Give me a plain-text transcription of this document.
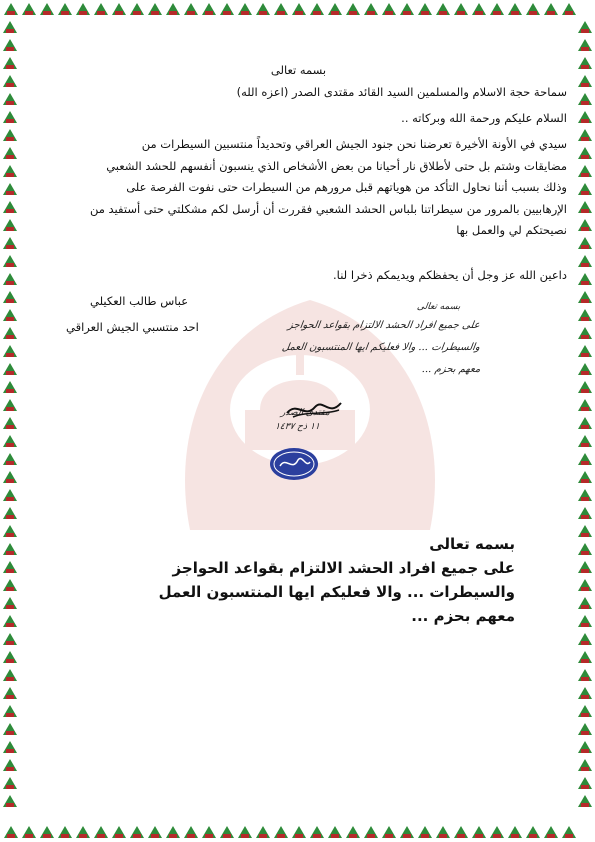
بسمه تعالى
سماحة حجة الاسلام والمسلمين السيد القائد مقتدى الصدر (اعزه الله)
السلام عليكم ورحمة الله وبركاته ..
سيدي في الأونة الأخيرة تعرضنا نحن جنود الجيش العراقي وتحديداً منتسبين السيطرات من
مضايقات وشتم بل حتى لأطلاق نار أحيانا من بعض الأشخاص الذي ينسبون أنفسهم للحشد الشعبي
وذلك بسبب أننا نحاول التأكد من هوياتهم قبل مرورهم من السيطرات حتى نفوت الفرصة على
الإرهابيين بالمرور من سيطراتنا بلباس الحشد الشعبي فقررت أن أرسل لكم مشكلتي حتى أستفيد من
نصيحتكم لي والعمل بها
داعين الله عز وجل أن يحفظكم ويديمكم ذخرا لنا.
عباس طالب العكيلي
احد منتسبي الجيش العراقي
بسمه تعالى
على جميع افراد الحشد الالتزام بقواعد الحواجز
والسيطرات ... والا فعليكم ايها المنتسبون العمل
معهم بحزم ...
مقتدى الصدر
١١ ذح ١٤٣٧
بسمه تعالى
على جميع افراد الحشد الالتزام بقواعد الحواجز
والسيطرات ... والا فعليكم ايها المنتسبون العمل
معهم بحزم ...
